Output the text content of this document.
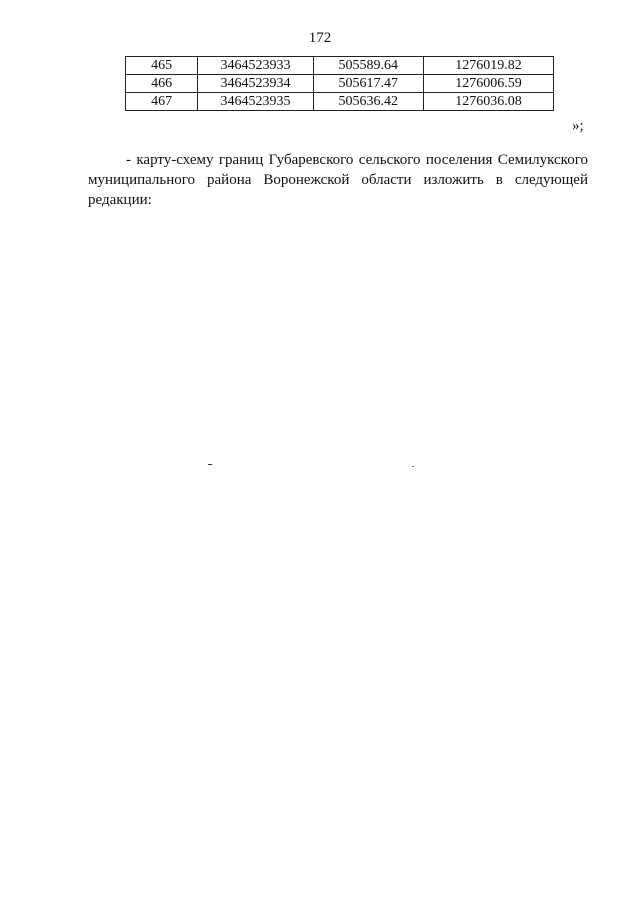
172
465	3464523933	505589.64	1276019.82
466	3464523934	505617.47	1276006.59
467	3464523935	505636.42	1276036.08
»;
- карту-схему границ Губаревского сельского поселения Семилукского муниципального района Воронежской области изложить в следующей редакции:
